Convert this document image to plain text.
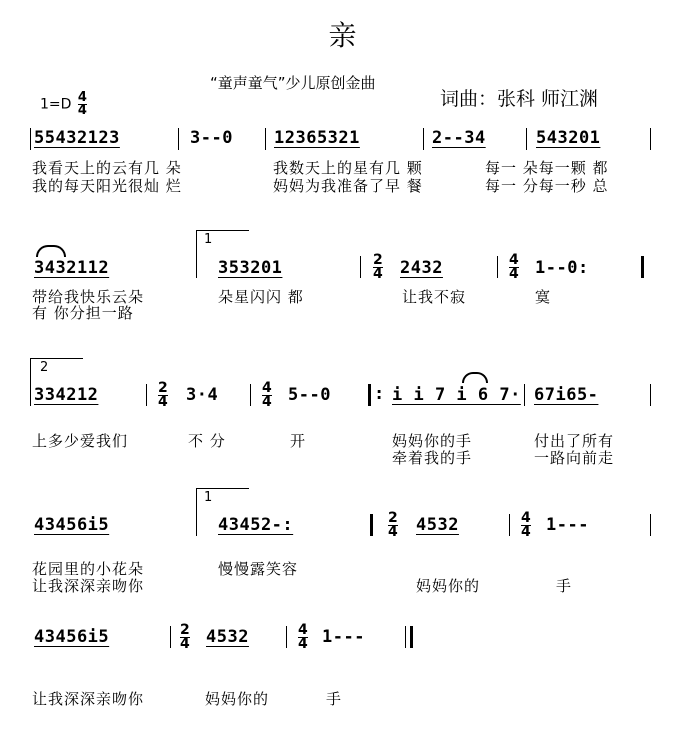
亲
“童声童气”少儿原创金曲
词曲：张科 师江渊
$1=D \frac{4}{4}$
55432123	3--0 12365321	2--34	543201
我看天上的云有几 朵	我数天上的星有几 颗	每一 朵每一颗 都
我的每天阳光很灿 烂	妈妈为我准备了早 餐	每一 分每一秒 总
3432112
1
353201	2
4 2432	4
4 1--0:
带给我快乐云朵	朵星闪闪 都	让我不寂	寞
有 你分担一路
2
334212	2
4 3·4	4
4 5--0	: i i 7 i 6 7· 67i65-
上多少爱我们	不 分	开	妈妈你的手
牵着我的手
付出了所有
一路向前走
43456i5
1
43452-:	2
4 4532	4
4 1---
花园里的小花朵	慢慢露笑容
让我深深亲吻你	妈妈你的	手
43456i5	2
4 4532	4
4 1---
让我深深亲吻你	妈妈你的	手
